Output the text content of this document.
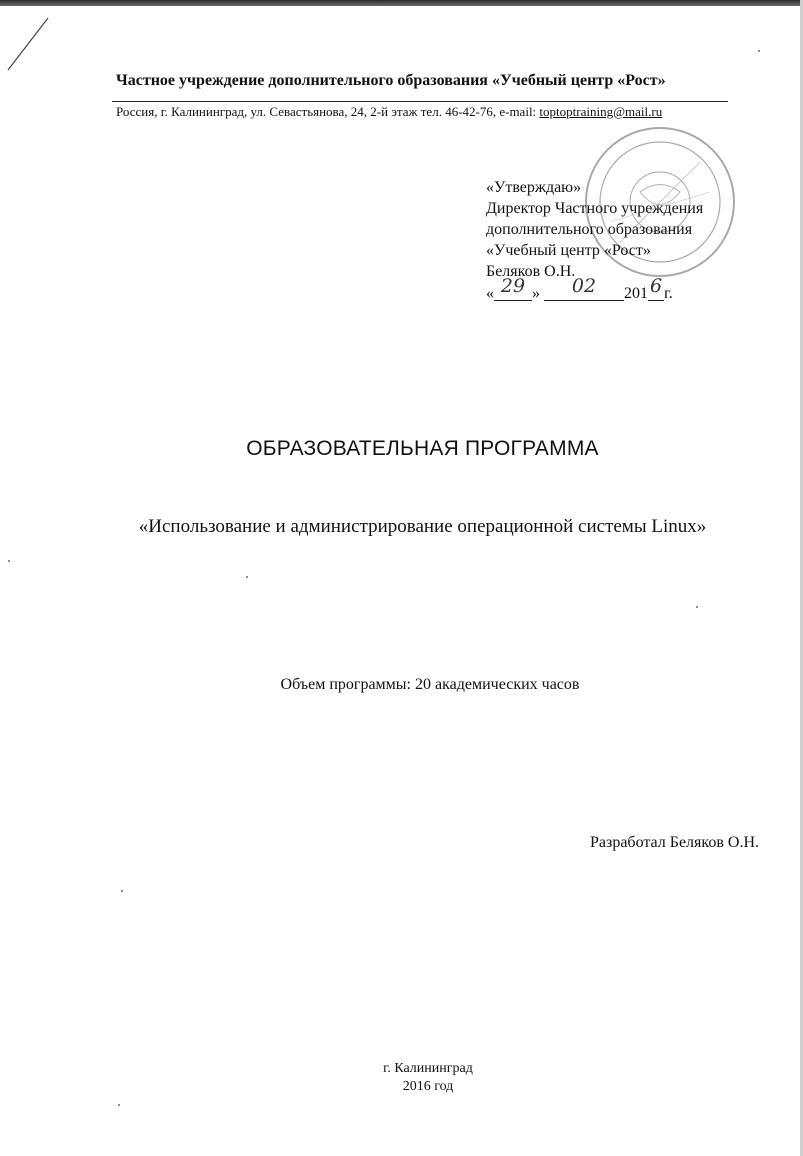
Частное учреждение дополнительного образования «Учебный центр «Рост»
Россия, г. Калининград, ул. Севастьянова, 24, 2-й этаж тел. 46-42-76, e-mail: toptoptraining@mail.ru
«Утверждаю»
Директор Частного учреждения
дополнительного образования
«Учебный центр «Рост»
Беляков О.Н.
« 29 » 02 201 6 г.
ОБРАЗОВАТЕЛЬНАЯ ПРОГРАММА
«Использование и администрирование операционной системы Linux»
Объем программы: 20 академических часов
Разработал Беляков О.Н.
г. Калининград
2016 год
